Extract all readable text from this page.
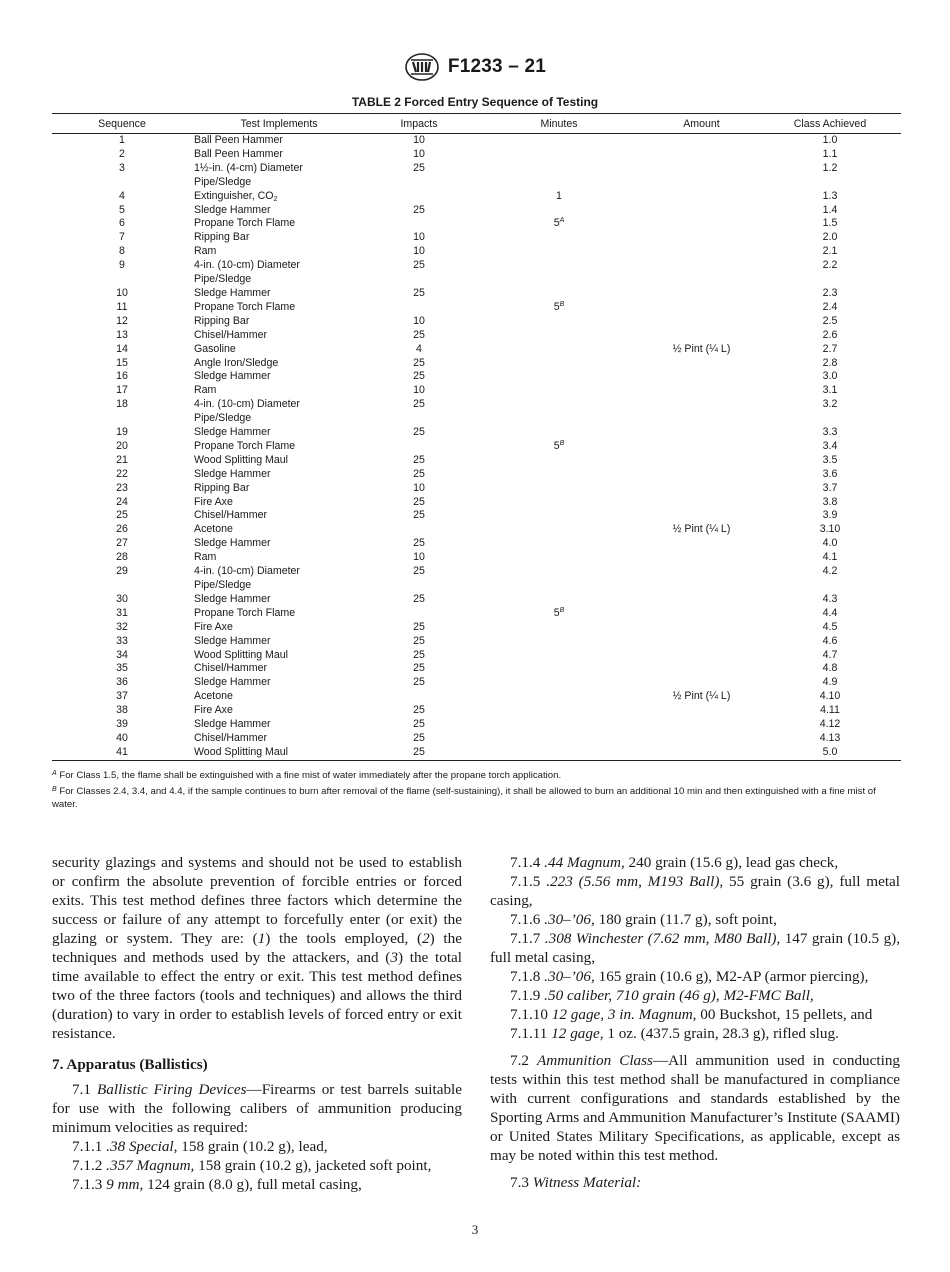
F1233 – 21
TABLE 2 Forced Entry Sequence of Testing
Sequence	Test Implements	Impacts	Minutes	Amount	Class Achieved
1	Ball Peen Hammer	10			1.0
2	Ball Peen Hammer	10			1.1
3	1½-in. (4-cm) Diameter	25			1.2
	Pipe/Sledge				
4	Extinguisher, $CO_2$		1		1.3
5	Sledge Hammer	25			1.4
6	Propane Torch Flame		$5^A$		1.5
7	Ripping Bar	10			2.0
8	Ram	10			2.1
9	4-in. (10-cm) Diameter	25			2.2
	Pipe/Sledge				
10	Sledge Hammer	25			2.3
11	Propane Torch Flame		$5^B$		2.4
12	Ripping Bar	10			2.5
13	Chisel/Hammer	25			2.6
14	Gasoline	4		½ Pint (¼ L)	2.7
15	Angle Iron/Sledge	25			2.8
16	Sledge Hammer	25			3.0
17	Ram	10			3.1
18	4-in. (10-cm) Diameter	25			3.2
	Pipe/Sledge				
19	Sledge Hammer	25			3.3
20	Propane Torch Flame		$5^B$		3.4
21	Wood Splitting Maul	25			3.5
22	Sledge Hammer	25			3.6
23	Ripping Bar	10			3.7
24	Fire Axe	25			3.8
25	Chisel/Hammer	25			3.9
26	Acetone			½ Pint (¼ L)	3.10
27	Sledge Hammer	25			4.0
28	Ram	10			4.1
29	4-in. (10-cm) Diameter	25			4.2
	Pipe/Sledge				
30	Sledge Hammer	25			4.3
31	Propane Torch Flame		$5^B$		4.4
32	Fire Axe	25			4.5
33	Sledge Hammer	25			4.6
34	Wood Splitting Maul	25			4.7
35	Chisel/Hammer	25			4.8
36	Sledge Hammer	25			4.9
37	Acetone			½ Pint (¼ L)	4.10
38	Fire Axe	25			4.11
39	Sledge Hammer	25			4.12
40	Chisel/Hammer	25			4.13
41	Wood Splitting Maul	25			5.0

$^A$ For Class 1.5, the flame shall be extinguished with a fine mist of water immediately after the propane torch application.

$^B$ For Classes 2.4, 3.4, and 4.4, if the sample continues to burn after removal of the flame (self-sustaining), it shall be allowed to burn an additional 10 min and then extinguished with a fine mist of water.

security glazings and systems and should not be used to establish or confirm the absolute prevention of forcible entries or forced exits. This test method defines three factors which determine the success or failure of any attempt to forcefully enter (or exit) the glazing or system. They are: (1) the tools employed, (2) the techniques and methods used by the attackers, and (3) the total time available to effect the entry or exit. This test method defines two of the three factors (tools and techniques) and allows the third (duration) to vary in order to establish levels of forced entry or exit resistance.

7. Apparatus (Ballistics)

7.1 Ballistic Firing Devices—Firearms or test barrels suitable for use with the following calibers of ammunition producing minimum velocities as required:

7.1.1 .38 Special, 158 grain (10.2 g), lead,

7.1.2 .357 Magnum, 158 grain (10.2 g), jacketed soft point,

7.1.3 9 mm, 124 grain (8.0 g), full metal casing,

7.1.4 .44 Magnum, 240 grain (15.6 g), lead gas check,

7.1.5 .223 (5.56 mm, M193 Ball), 55 grain (3.6 g), full metal casing,

7.1.6 .30–’06, 180 grain (11.7 g), soft point,

7.1.7 .308 Winchester (7.62 mm, M80 Ball), 147 grain (10.5 g), full metal casing,

7.1.8 .30–’06, 165 grain (10.6 g), M2-AP (armor piercing),

7.1.9 .50 caliber, 710 grain (46 g), M2-FMC Ball,

7.1.10 12 gage, 3 in. Magnum, 00 Buckshot, 15 pellets, and

7.1.11 12 gage, 1 oz. (437.5 grain, 28.3 g), rifled slug.

7.2 Ammunition Class—All ammunition used in conducting tests within this test method shall be manufactured in compliance with current configurations and standards established by the Sporting Arms and Ammunition Manufacturer’s Institute (SAAMI) or United States Military Specifications, as applicable, except as may be noted within this test method.

7.3 Witness Material:

3
